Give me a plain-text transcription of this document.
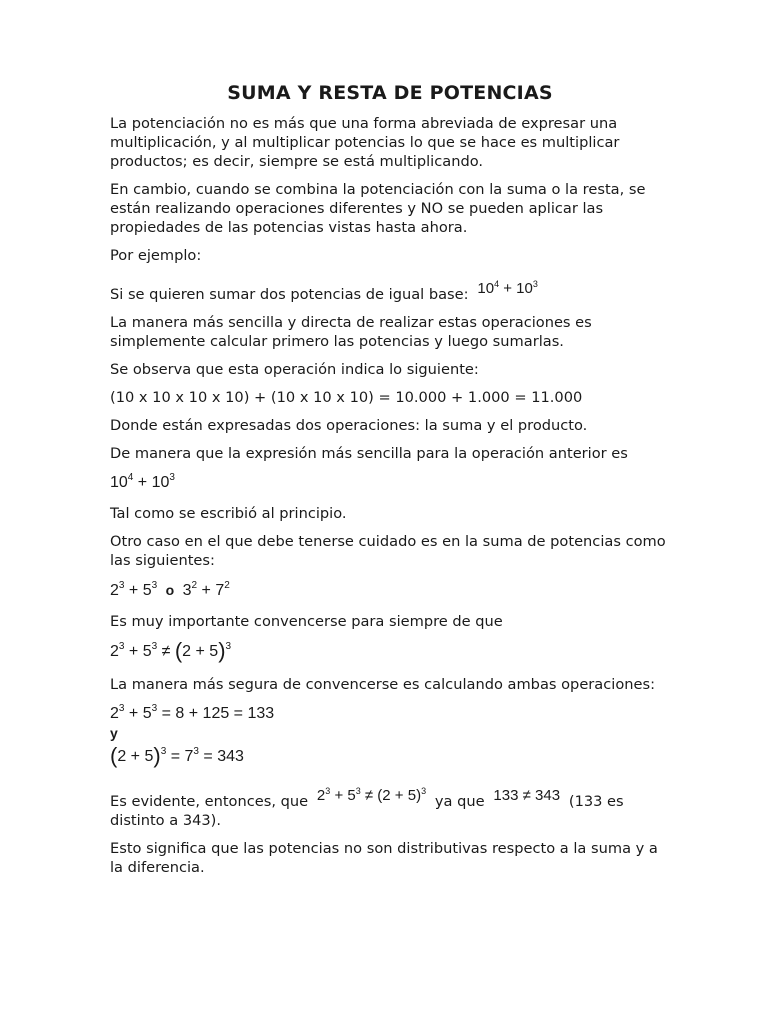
SUMA Y RESTA DE POTENCIAS

La potenciación no es más que una forma abreviada de expresar una multiplicación, y al multiplicar potencias lo que se hace es multiplicar productos; es decir, siempre se está multiplicando.

En cambio, cuando se combina la potenciación con la suma o la resta, se están realizando operaciones diferentes y NO se pueden aplicar las propiedades de las potencias vistas hasta ahora.

Por ejemplo:

Si se quieren sumar dos potencias de igual base:  $10^4 + 10^3$

La manera más sencilla y directa de realizar estas operaciones es simplemente calcular primero las potencias y luego sumarlas.

Se observa que esta operación indica lo siguiente:

(10 x 10 x 10 x 10) + (10 x 10 x 10) = 10.000 + 1.000 = 11.000

Donde están expresadas dos operaciones: la suma y el producto.

De manera que la expresión más sencilla para la operación anterior es

$10^4 + 10^3$

Tal como se escribió al principio.

Otro caso en el que debe tenerse cuidado es en la suma de potencias como las siguientes:

$2^3 + 5^3$ o $3^2 + 7^2$

Es muy importante convencerse para siempre de que

$2^3 + 5^3 \ne (2 + 5)^3$

La manera más segura de convencerse es calculando ambas operaciones:

$2^3 + 5^3 = 8 + 125 = 133$
y
$(2 + 5)^3 = 7^3 = 343$

Es evidente, entonces, que  $2^3 + 5^3 \ne (2 + 5)^3$  ya que  133 ≠ 343  (133 es distinto a 343).

Esto significa que las potencias no son distributivas respecto a la suma y a la diferencia.
